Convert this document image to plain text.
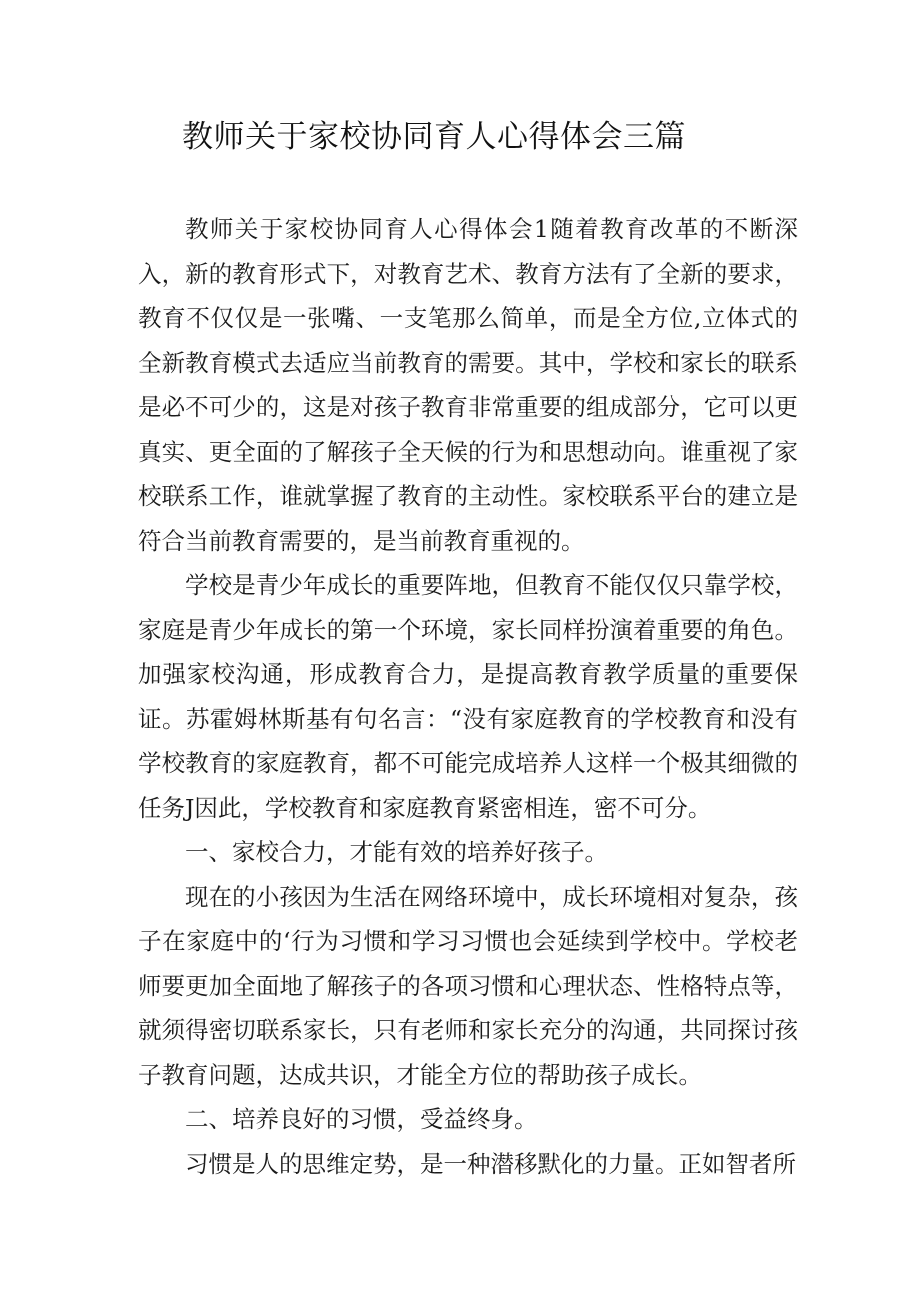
教师关于家校协同育人心得体会三篇

教师关于家校协同育人心得体会1随着教育改革的不断深入，新的教育形式下，对教育艺术、教育方法有了全新的要求，教育不仅仅是一张嘴、一支笔那么简单，而是全方位,立体式的全新教育模式去适应当前教育的需要。其中，学校和家长的联系是必不可少的，这是对孩子教育非常重要的组成部分，它可以更真实、更全面的了解孩子全天候的行为和思想动向。谁重视了家校联系工作，谁就掌握了教育的主动性。家校联系平台的建立是符合当前教育需要的，是当前教育重视的。

学校是青少年成长的重要阵地，但教育不能仅仅只靠学校，家庭是青少年成长的第一个环境，家长同样扮演着重要的角色。加强家校沟通，形成教育合力，是提高教育教学质量的重要保证。苏霍姆林斯基有句名言：“没有家庭教育的学校教育和没有学校教育的家庭教育，都不可能完成培养人这样一个极其细微的任务J因此，学校教育和家庭教育紧密相连，密不可分。

一、家校合力，才能有效的培养好孩子。

现在的小孩因为生活在网络环境中，成长环境相对复杂，孩子在家庭中的‘行为习惯和学习习惯也会延续到学校中。学校老师要更加全面地了解孩子的各项习惯和心理状态、性格特点等，就须得密切联系家长，只有老师和家长充分的沟通，共同探讨孩子教育问题，达成共识，才能全方位的帮助孩子成长。

二、培养良好的习惯，受益终身。

习惯是人的思维定势，是一种潜移默化的力量。正如智者所
